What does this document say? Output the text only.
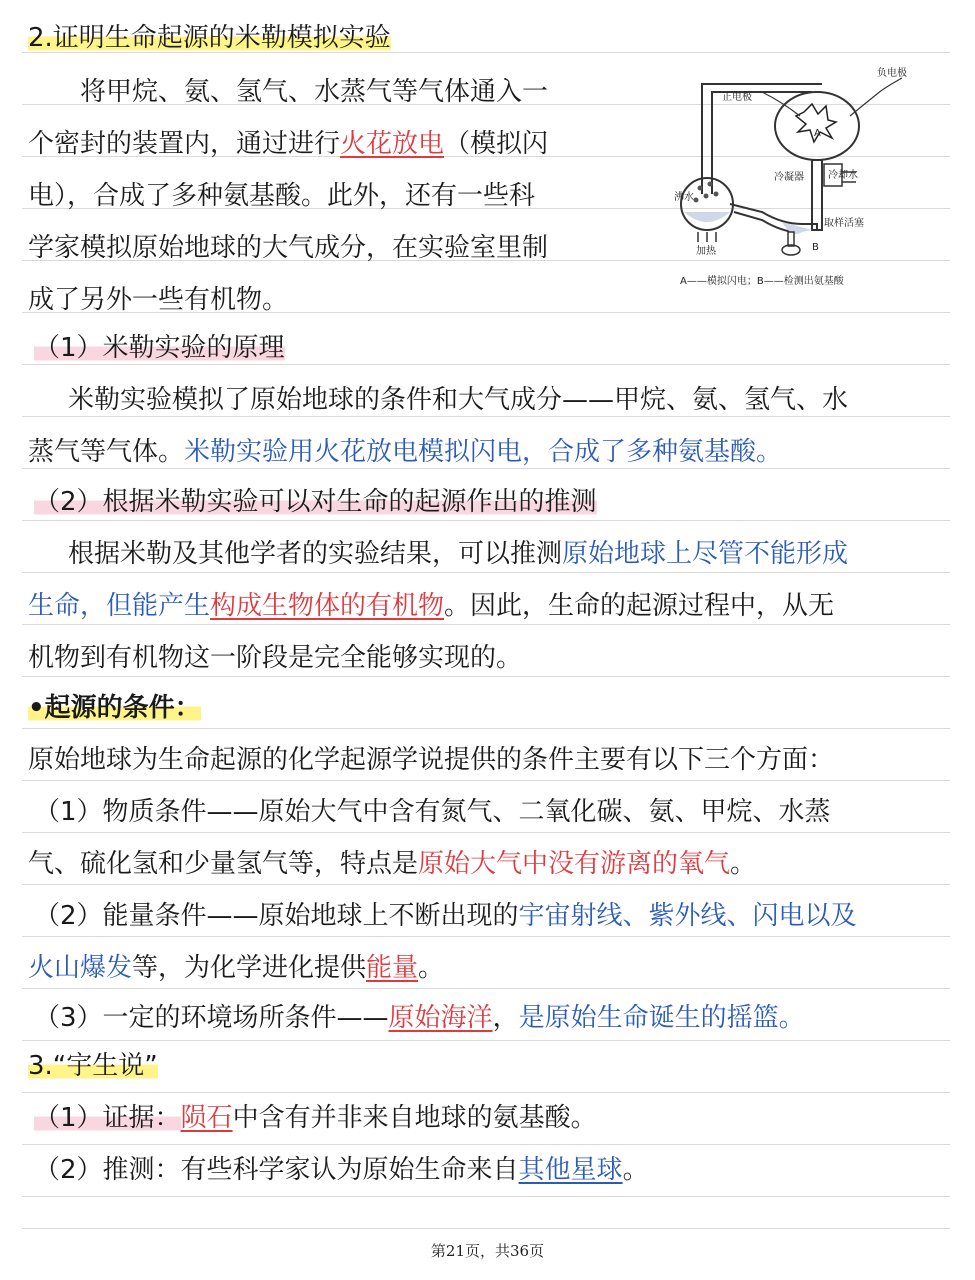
2.证明生命起源的米勒模拟实验
将甲烷、氨、氢气、水蒸气等气体通入一
个密封的装置内，通过进行火花放电（模拟闪
电），合成了多种氨基酸。此外，还有一些科
学家模拟原始地球的大气成分，在实验室里制
成了另外一些有机物。
负电极
正电极
A
冷凝器 冷却水
沸水
取样活塞
B
加热
A——模拟闪电；B——检测出氨基酸
（1）米勒实验的原理
米勒实验模拟了原始地球的条件和大气成分——甲烷、氨、氢气、水
蒸气等气体。米勒实验用火花放电模拟闪电，合成了多种氨基酸。
（2）根据米勒实验可以对生命的起源作出的推测
根据米勒及其他学者的实验结果，可以推测原始地球上尽管不能形成
生命，但能产生构成生物体的有机物。因此，生命的起源过程中，从无
机物到有机物这一阶段是完全能够实现的。
•起源的条件：
原始地球为生命起源的化学起源学说提供的条件主要有以下三个方面：
（1）物质条件——原始大气中含有氮气、二氧化碳、氨、甲烷、水蒸
气、硫化氢和少量氢气等，特点是原始大气中没有游离的氧气。
（2）能量条件——原始地球上不断出现的宇宙射线、紫外线、闪电以及
火山爆发等，为化学进化提供能量。
（3）一定的环境场所条件——原始海洋，是原始生命诞生的摇篮。
3.“宇生说”
（1）证据：陨石中含有并非来自地球的氨基酸。
（2）推测：有些科学家认为原始生命来自其他星球。
第21页，共36页
